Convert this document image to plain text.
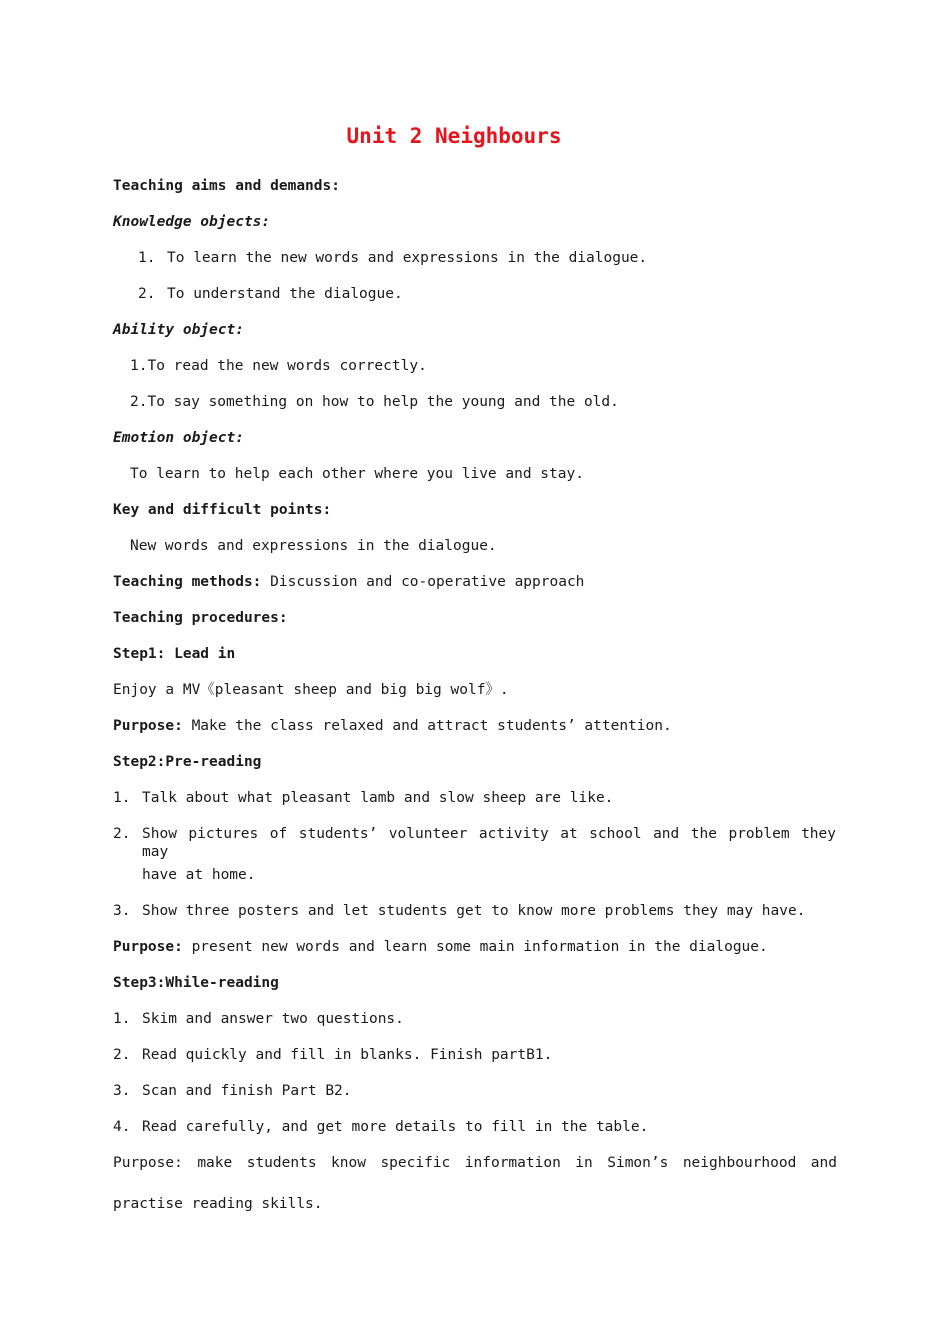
Unit 2 Neighbours
Teaching aims and demands:
Knowledge objects:
1. To learn the new words and expressions in the dialogue.
2. To understand the dialogue.
Ability object:
1.To read the new words correctly.
2.To say something on how to help the young and the old.
Emotion object:
To learn to help each other where you live and stay.
Key and difficult points:
New words and expressions in the dialogue.
Teaching methods: Discussion and co-operative approach
Teaching procedures:
Step1: Lead in
Enjoy a MV《pleasant sheep and big big wolf》.
Purpose: Make the class relaxed and attract students’ attention.
Step2:Pre-reading
1. Talk about what pleasant lamb and slow sheep are like.
2. Show pictures of students’ volunteer activity at school and the problem they may
have at home.
3. Show three posters and let students get to know more problems they may have.
Purpose: present new words and learn some main information in the dialogue.
Step3:While-reading
1. Skim and answer two questions.
2. Read quickly and fill in blanks. Finish partB1.
3. Scan and finish Part B2.
4. Read carefully, and get more details to fill in the table.
Purpose: make students know specific information in Simon’s neighbourhood and
practise reading skills.
